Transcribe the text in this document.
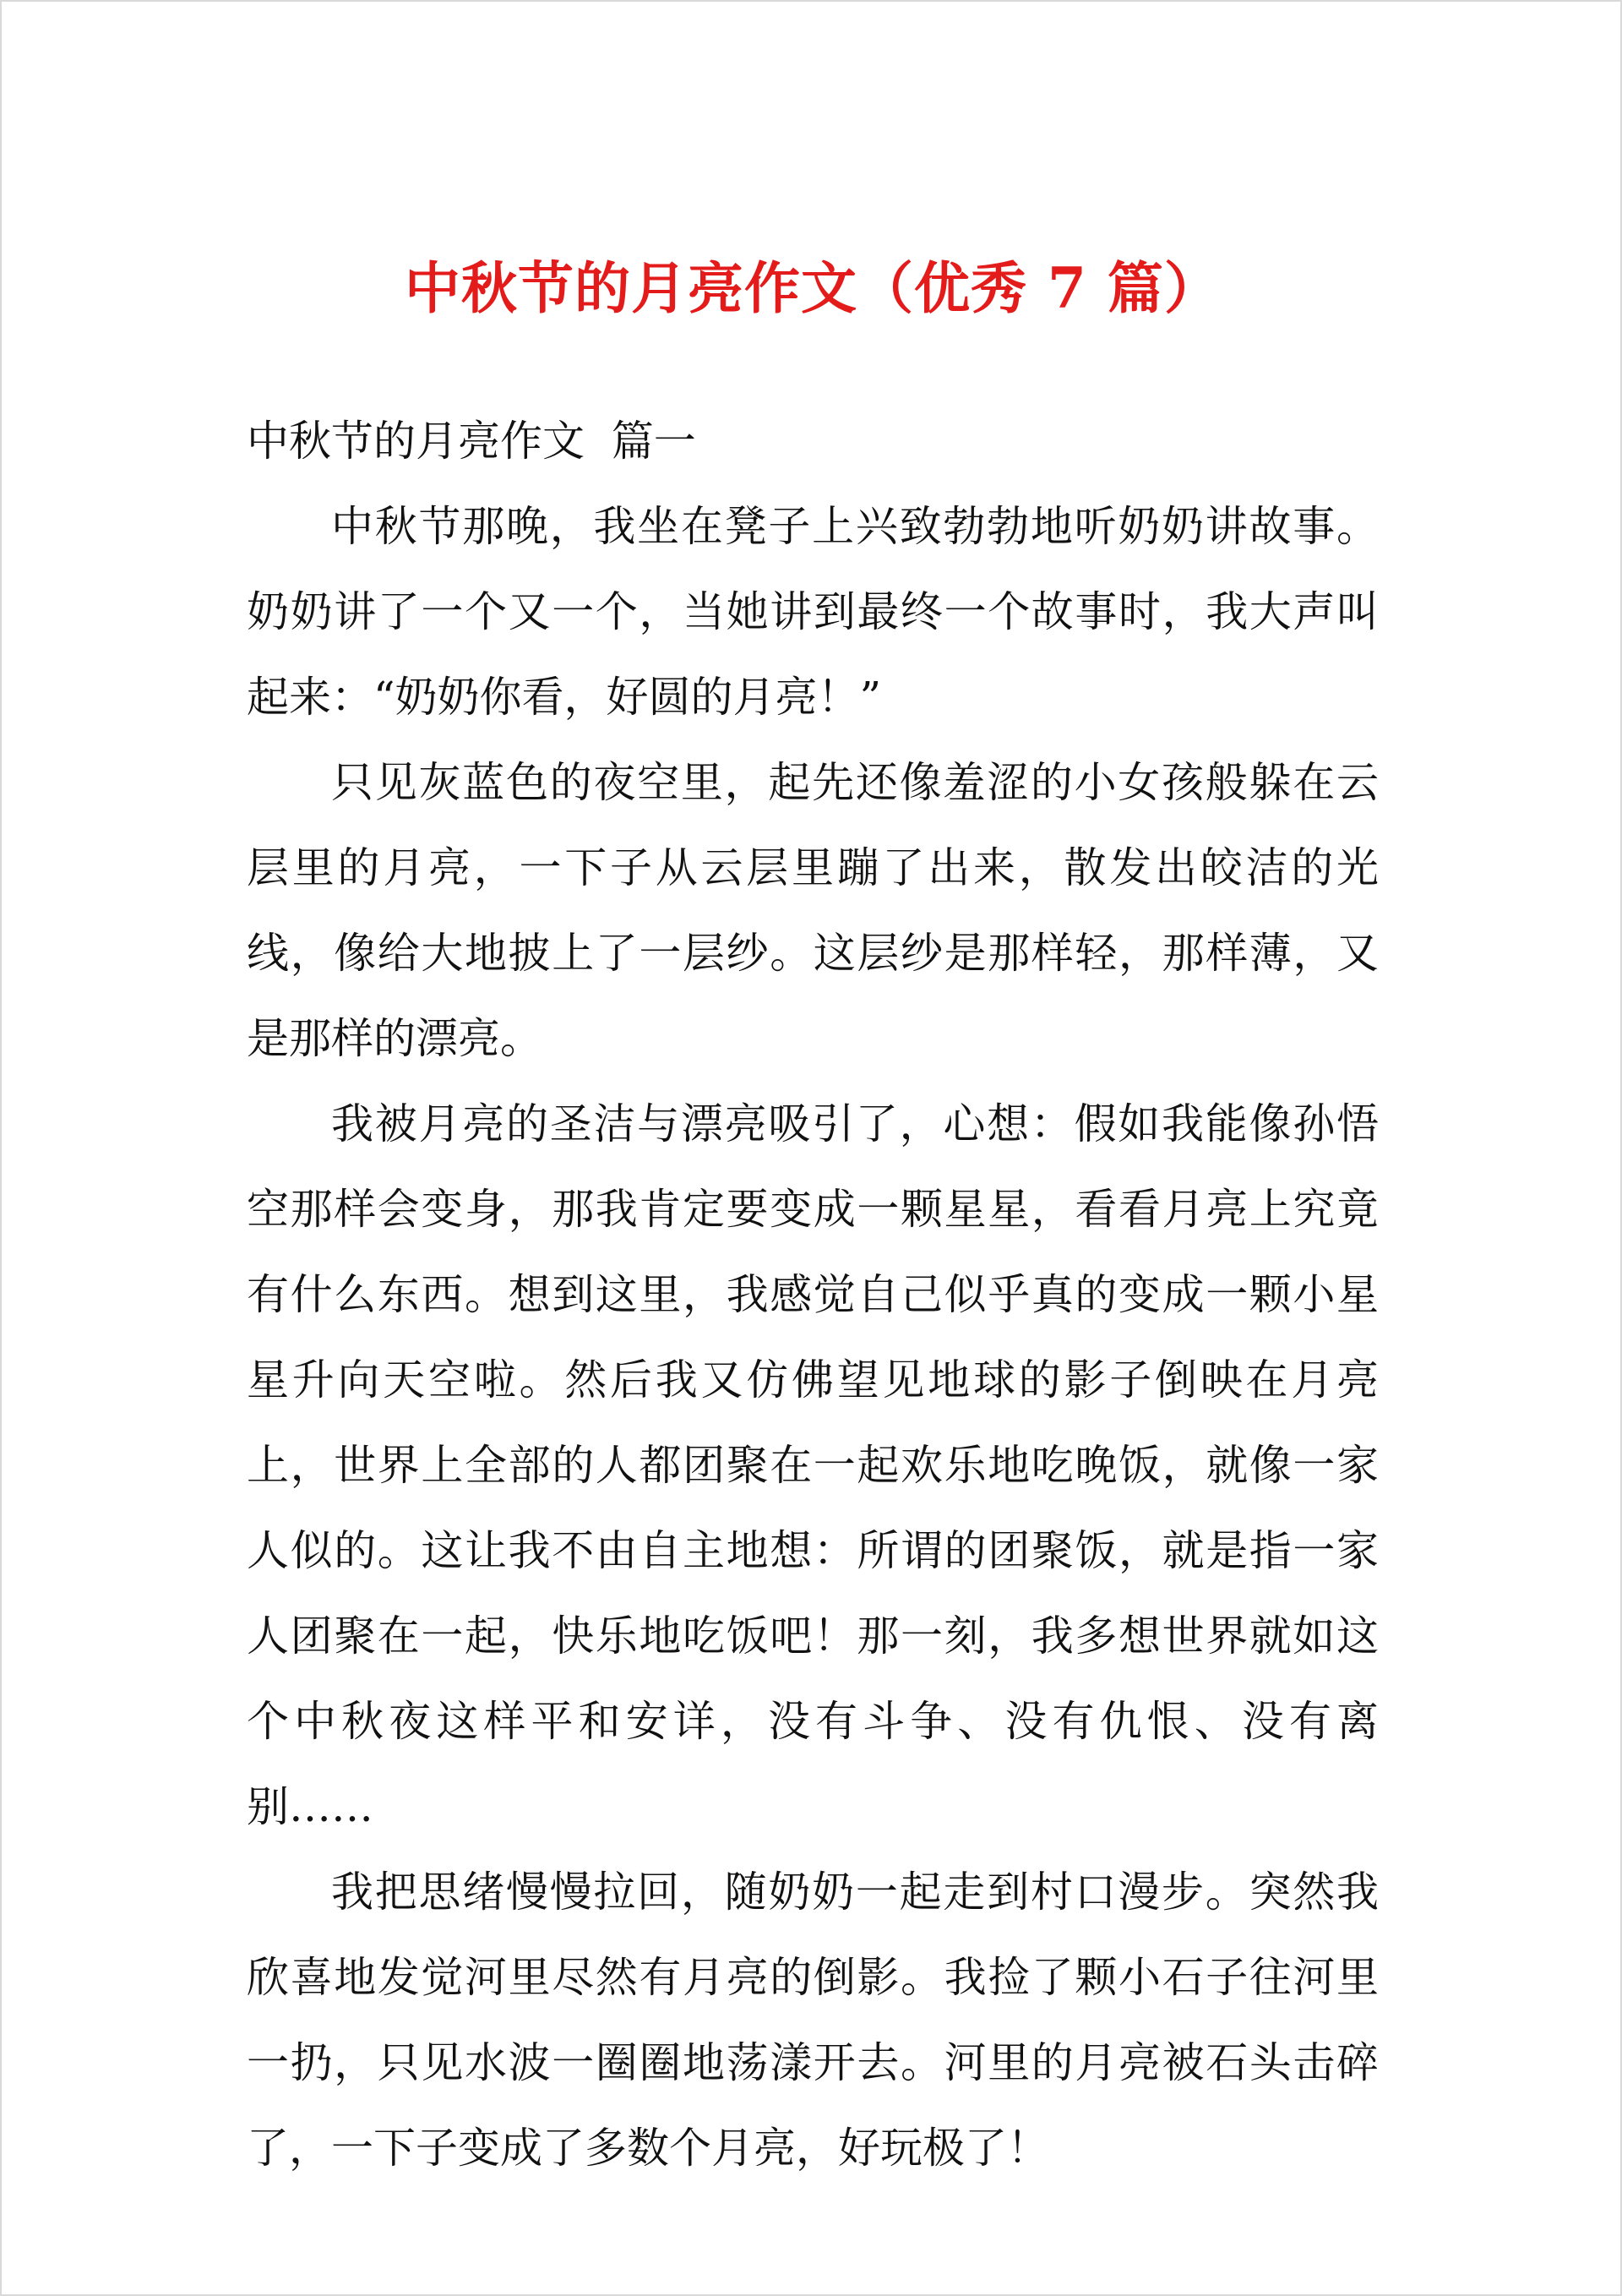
中秋节的月亮作文（优秀 7 篇）

中秋节的月亮作文  篇一

中秋节那晚，我坐在凳子上兴致勃勃地听奶奶讲故事。奶奶讲了一个又一个，当她讲到最终一个故事时，我大声叫起来：“奶奶你看，好圆的月亮！”

只见灰蓝色的夜空里，起先还像羞涩的小女孩般躲在云层里的月亮，一下子从云层里蹦了出来，散发出皎洁的光线，像给大地披上了一层纱。这层纱是那样轻，那样薄，又是那样的漂亮。

我被月亮的圣洁与漂亮吸引了，心想：假如我能像孙悟空那样会变身，那我肯定要变成一颗星星，看看月亮上究竟有什么东西。想到这里，我感觉自己似乎真的变成一颗小星星升向天空啦。然后我又仿佛望见地球的影子倒映在月亮上，世界上全部的人都团聚在一起欢乐地吃晚饭，就像一家人似的。这让我不由自主地想：所谓的团聚饭，就是指一家人团聚在一起，快乐地吃饭吧！那一刻，我多想世界就如这个中秋夜这样平和安详，没有斗争、没有仇恨、没有离别……

我把思绪慢慢拉回，随奶奶一起走到村口漫步。突然我欣喜地发觉河里尽然有月亮的倒影。我捡了颗小石子往河里一扔，只见水波一圈圈地荡漾开去。河里的月亮被石头击碎了，一下子变成了多数个月亮，好玩极了！
